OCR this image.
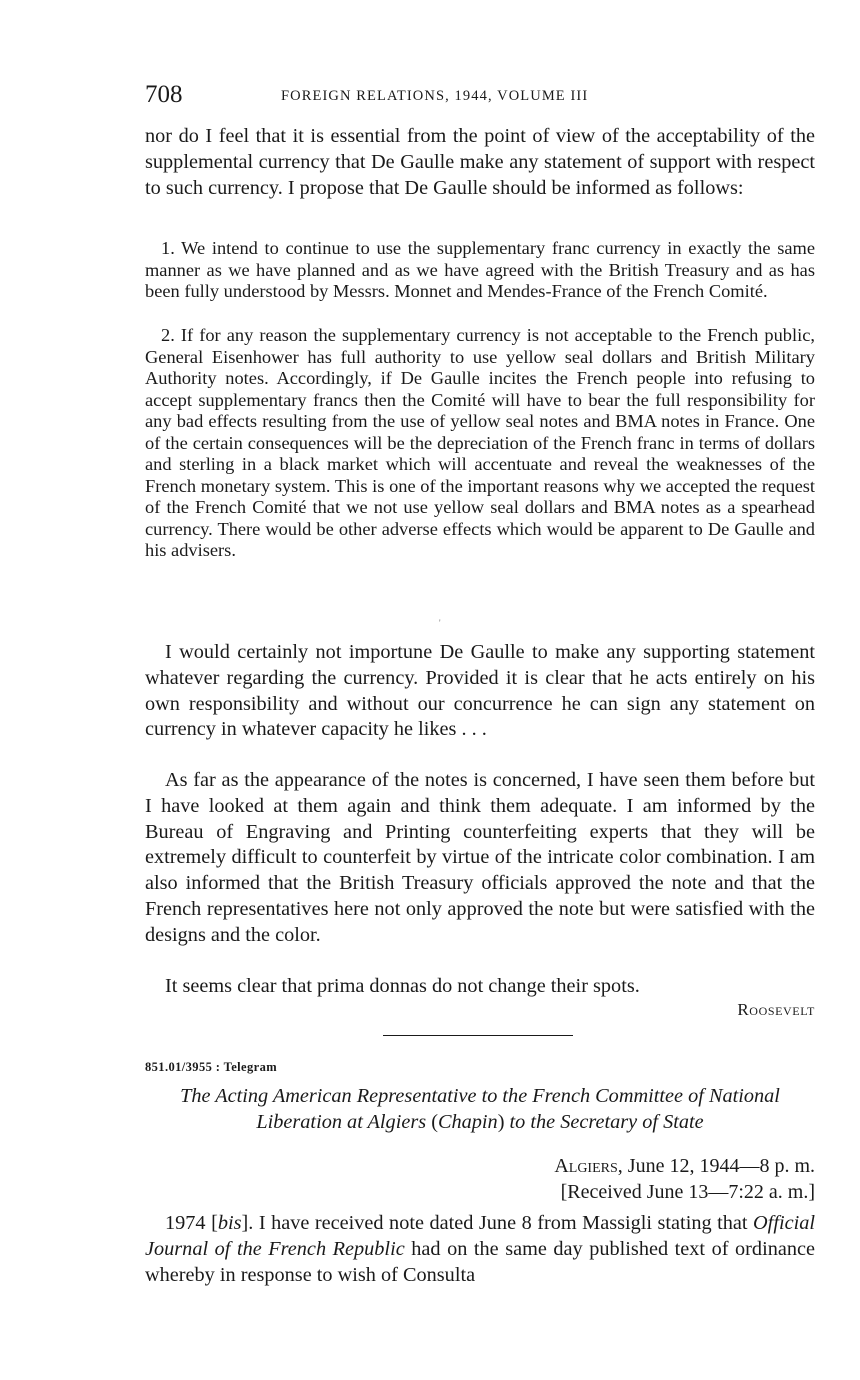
708	FOREIGN RELATIONS, 1944, VOLUME III

nor do I feel that it is essential from the point of view of the acceptability of the supplemental currency that De Gaulle make any statement of support with respect to such currency. I propose that De Gaulle should be informed as follows:

1. We intend to continue to use the supplementary franc currency in exactly the same manner as we have planned and as we have agreed with the British Treasury and as has been fully understood by Messrs. Monnet and Mendes-France of the French Comité.

2. If for any reason the supplementary currency is not acceptable to the French public, General Eisenhower has full authority to use yellow seal dollars and British Military Authority notes. Accordingly, if De Gaulle incites the French people into refusing to accept supplementary francs then the Comité will have to bear the full responsibility for any bad effects resulting from the use of yellow seal notes and BMA notes in France. One of the certain consequences will be the depreciation of the French franc in terms of dollars and sterling in a black market which will accentuate and reveal the weaknesses of the French monetary system. This is one of the important reasons why we accepted the request of the French Comité that we not use yellow seal dollars and BMA notes as a spearhead currency. There would be other adverse effects which would be apparent to De Gaulle and his advisers.

'

I would certainly not importune De Gaulle to make any supporting statement whatever regarding the currency. Provided it is clear that he acts entirely on his own responsibility and without our concurrence he can sign any statement on currency in whatever capacity he likes . . .

As far as the appearance of the notes is concerned, I have seen them before but I have looked at them again and think them adequate. I am informed by the Bureau of Engraving and Printing counterfeiting experts that they will be extremely difficult to counterfeit by virtue of the intricate color combination. I am also informed that the British Treasury officials approved the note and that the French representatives here not only approved the note but were satisfied with the designs and the color.

It seems clear that prima donnas do not change their spots.

Roosevelt
851.01/3955 : Telegram

The Acting American Representative to the French Committee of National Liberation at Algiers (Chapin) to the Secretary of State

Algiers, June 12, 1944—8 p. m.
[Received June 13—7:22 a. m.]

1974 [bis]. I have received note dated June 8 from Massigli stating that Official Journal of the French Republic had on the same day published text of ordinance whereby in response to wish of Consulta
